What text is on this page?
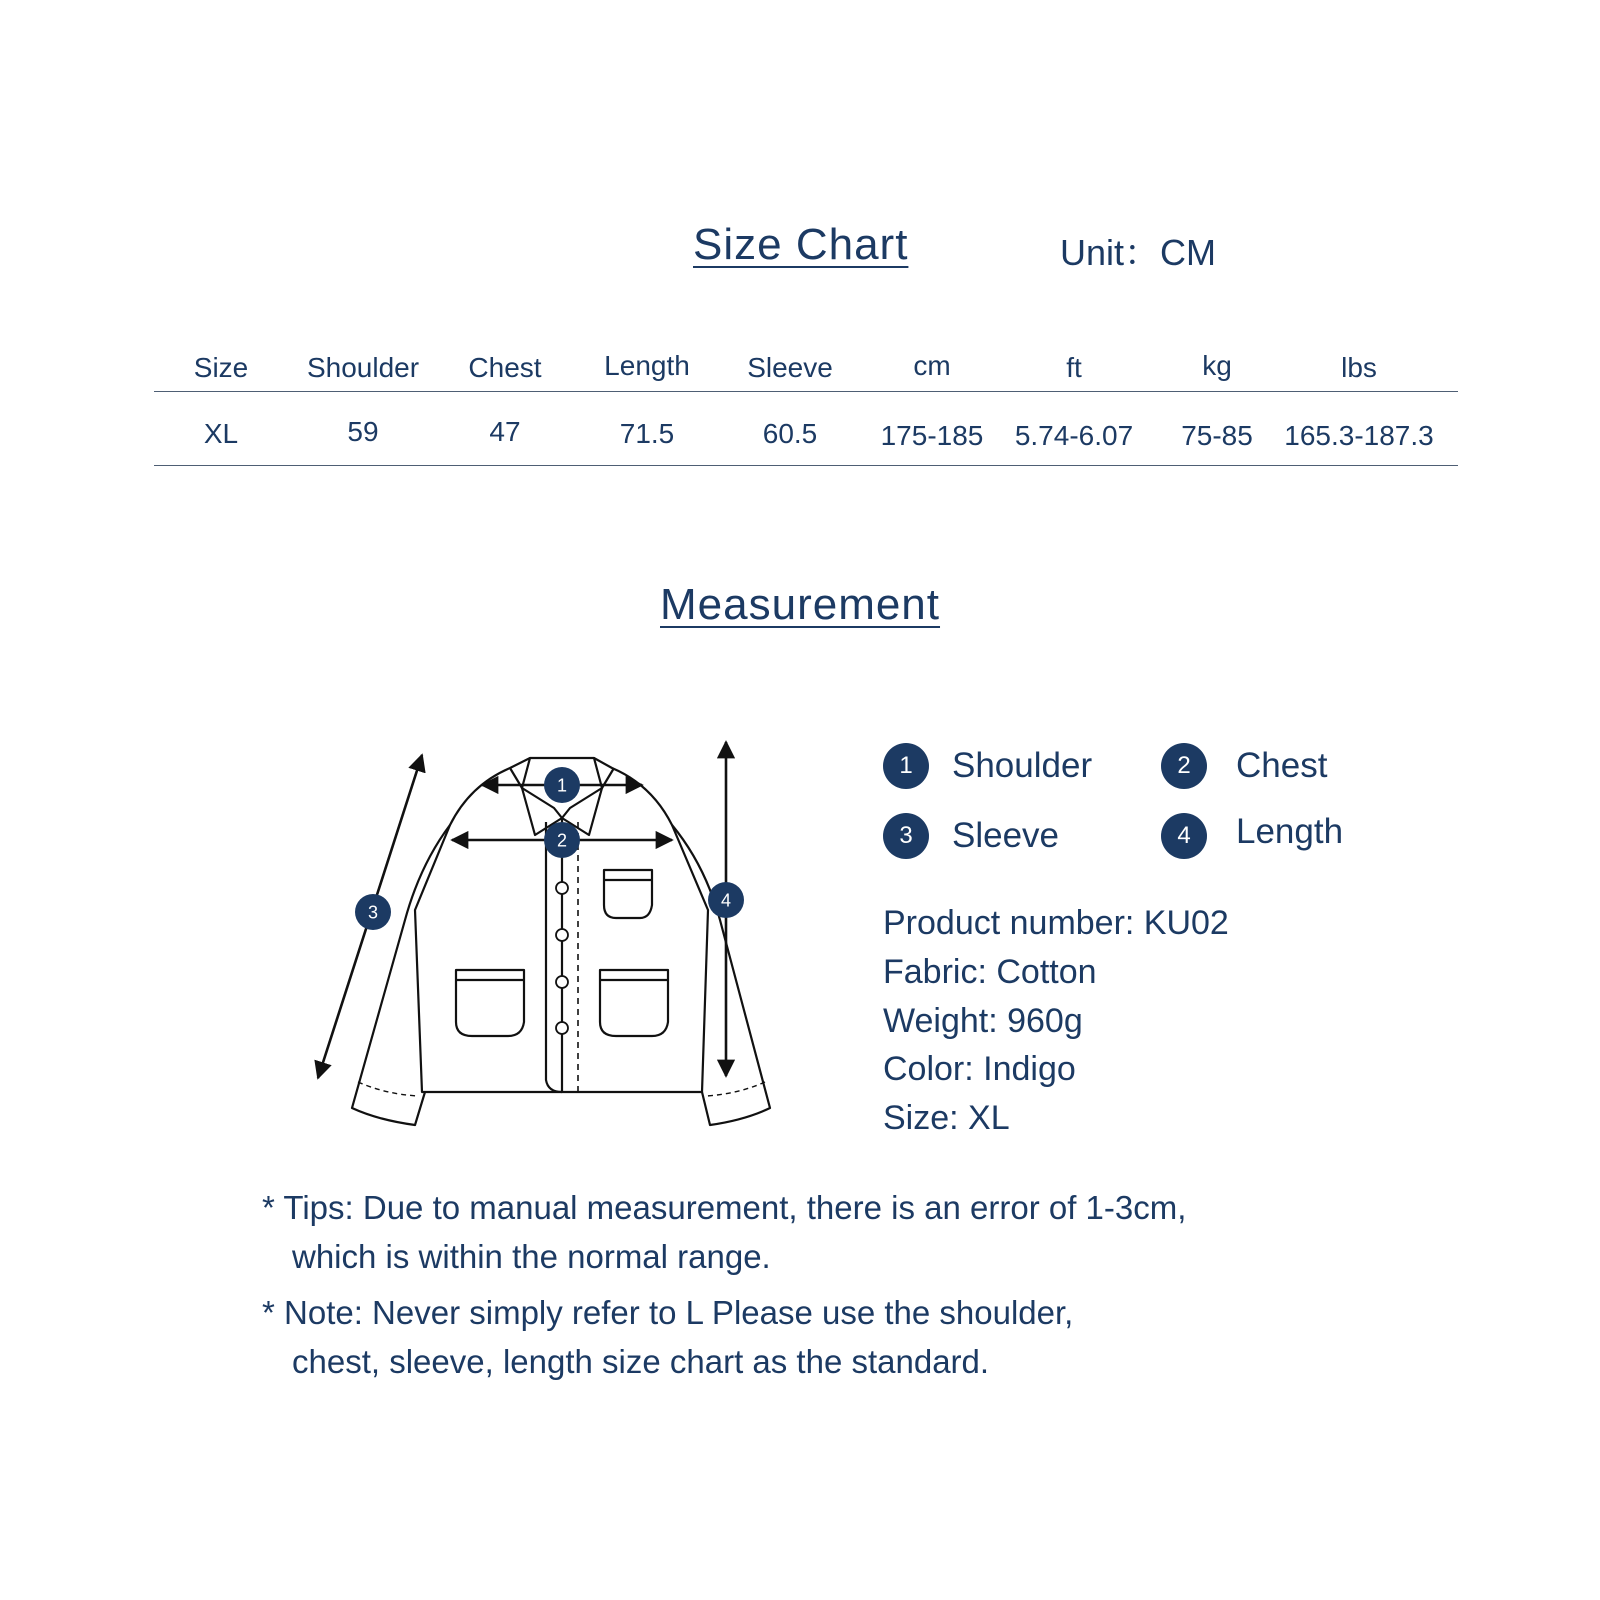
Size Chart	Unit：CM
Size	Shoulder	Chest	Length	Sleeve	cm	ft	kg	lbs
XL	59	47	71.5	60.5	175-185	5.74-6.07	75-85	165.3-187.3
Measurement
1
2
3
4
1	Shoulder	2	Chest
3	Sleeve	4	Length
Product number: KU02
Fabric: Cotton
Weight: 960g
Color: Indigo
Size: XL
* Tips: Due to manual measurement, there is an error of 1-3cm,
which is within the normal range.
* Note: Never simply refer to L Please use the shoulder,
chest, sleeve, length size chart as the standard.
